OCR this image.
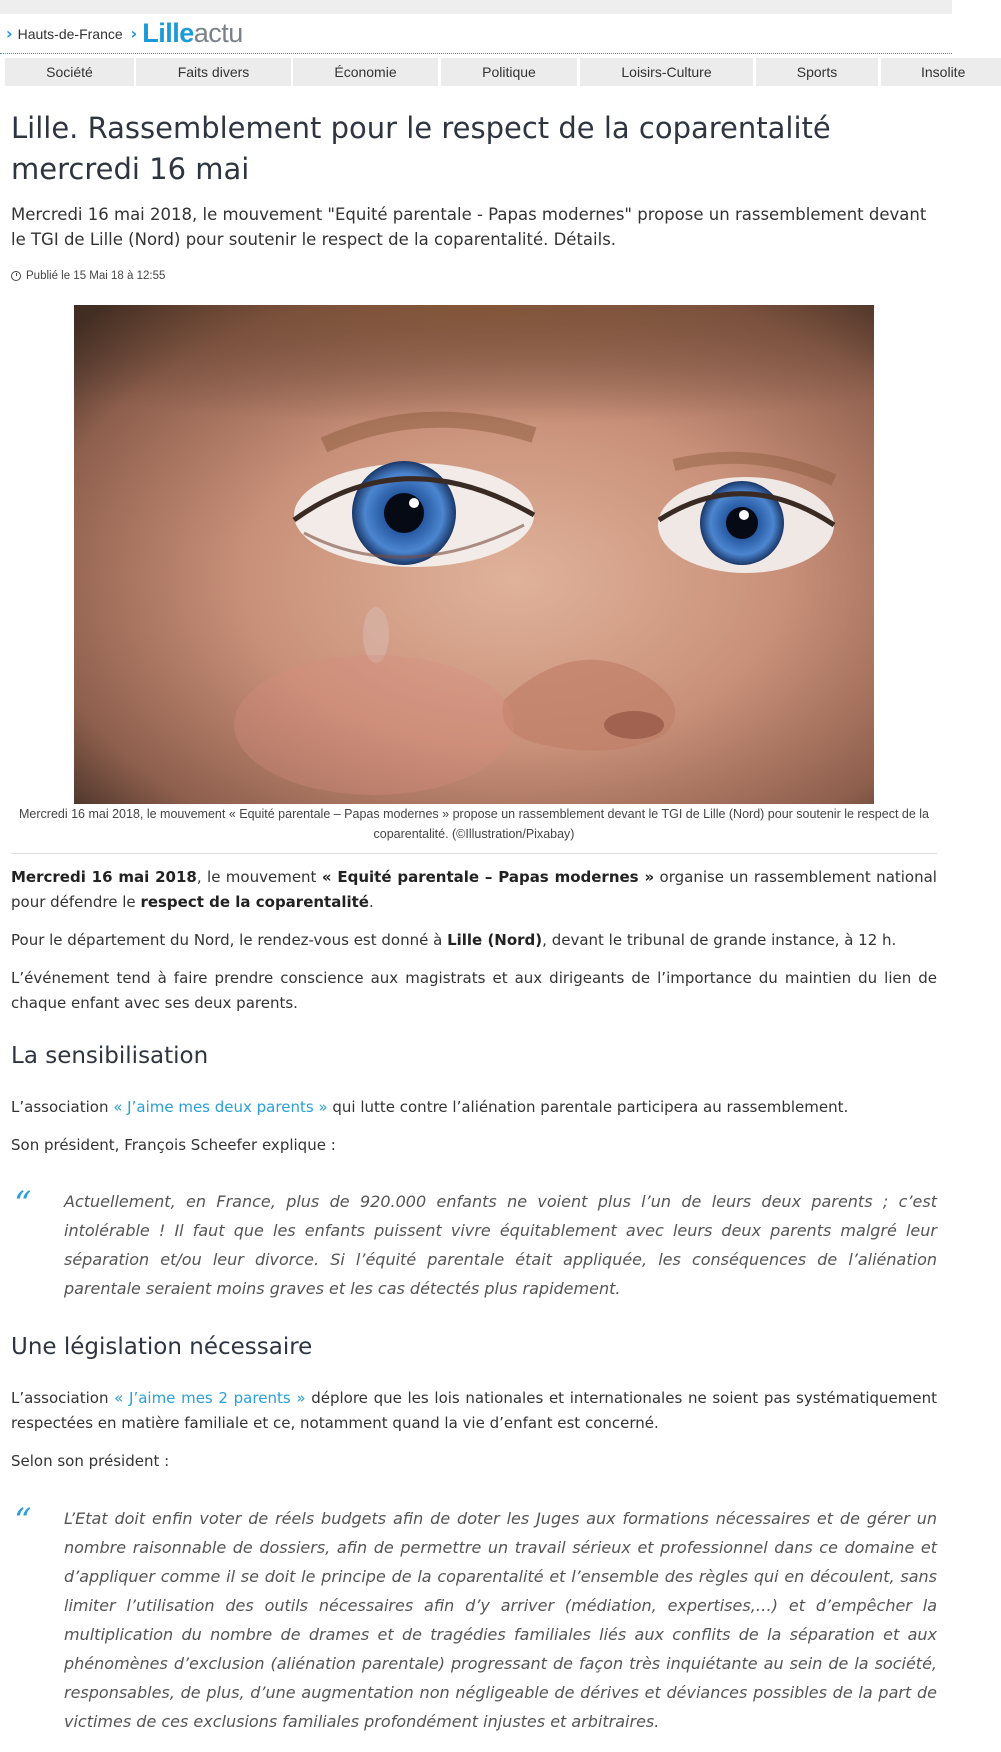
› Hauts-de-France › Lilleactu
Société	Faits divers	Économie	Politique	Loisirs-Culture	Sports	Insolite
Lille. Rassemblement pour le respect de la coparentalité mercredi 16 mai

Mercredi 16 mai 2018, le mouvement "Equité parentale - Papas modernes" propose un rassemblement devant le TGI de Lille (Nord) pour soutenir le respect de la coparentalité. Détails.

Publié le 15 Mai 18 à 12:55
Mercredi 16 mai 2018, le mouvement « Equité parentale – Papas modernes » propose un rassemblement devant le TGI de Lille (Nord) pour soutenir le respect de la coparentalité. (©Illustration/Pixabay)

Mercredi 16 mai 2018, le mouvement « Equité parentale – Papas modernes » organise un rassemblement national pour défendre le respect de la coparentalité.

Pour le département du Nord, le rendez-vous est donné à Lille (Nord), devant le tribunal de grande instance, à 12 h.

L’événement tend à faire prendre conscience aux magistrats et aux dirigeants de l’importance du maintien du lien de chaque enfant avec ses deux parents.

La sensibilisation

L’association « J’aime mes deux parents » qui lutte contre l’aliénation parentale participera au rassemblement.

Son président, François Scheefer explique :

“ Actuellement, en France, plus de 920.000 enfants ne voient plus l’un de leurs deux parents ; c’est intolérable ! Il faut que les enfants puissent vivre équitablement avec leurs deux parents malgré leur séparation et/ou leur divorce. Si l’équité parentale était appliquée, les conséquences de l’aliénation parentale seraient moins graves et les cas détectés plus rapidement.

Une législation nécessaire

L’association « J’aime mes 2 parents » déplore que les lois nationales et internationales ne soient pas systématiquement respectées en matière familiale et ce, notamment quand la vie d’enfant est concerné.

Selon son président :

“ L’Etat doit enfin voter de réels budgets afin de doter les Juges aux formations nécessaires et de gérer un nombre raisonnable de dossiers, afin de permettre un travail sérieux et professionnel dans ce domaine et d’appliquer comme il se doit le principe de la coparentalité et l’ensemble des règles qui en découlent, sans limiter l’utilisation des outils nécessaires afin d’y arriver (médiation, expertises,…) et d’empêcher la multiplication du nombre de drames et de tragédies familiales liés aux conflits de la séparation et aux phénomènes d’exclusion (aliénation parentale) progressant de façon très inquiétante au sein de la société, responsables, de plus, d’une augmentation non négligeable de dérives et déviances possibles de la part de victimes de ces exclusions familiales profondément injustes et arbitraires.
